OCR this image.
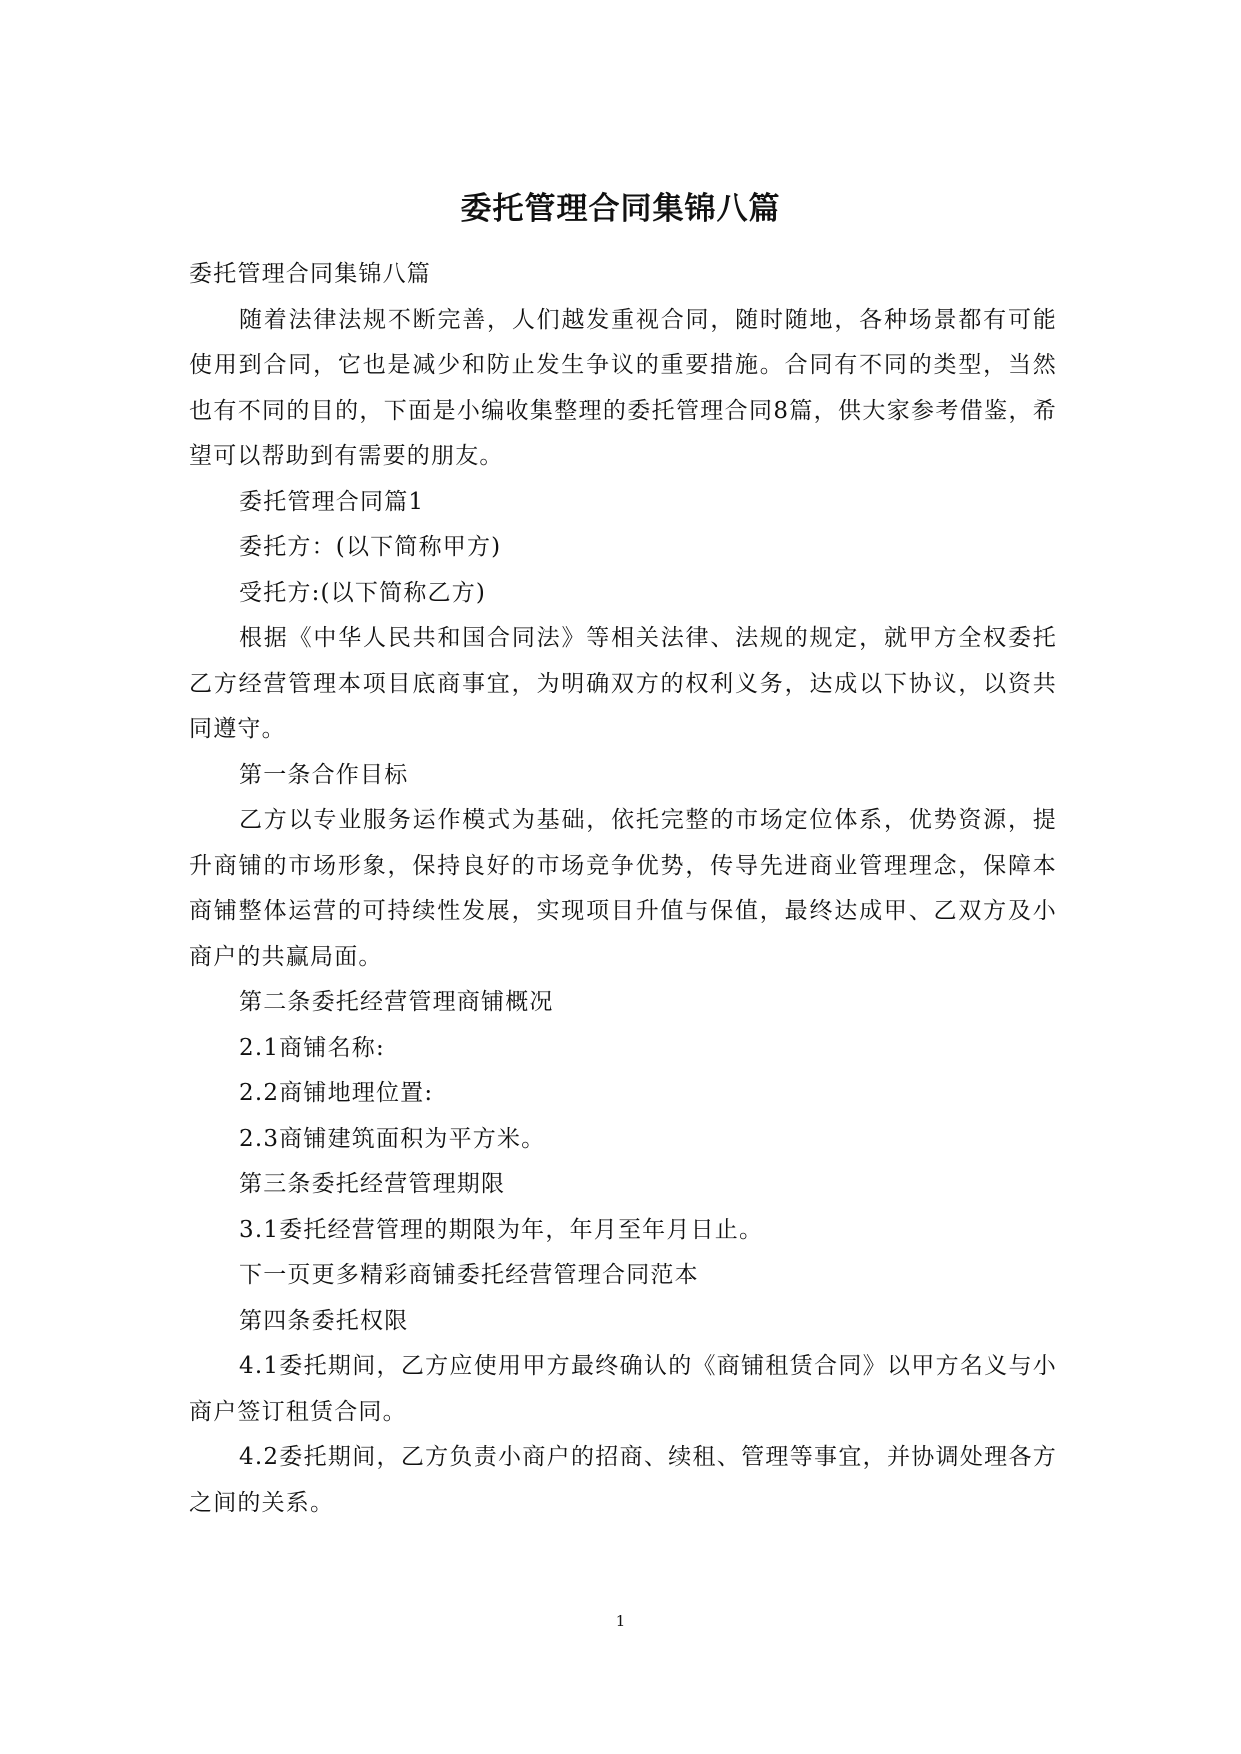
委托管理合同集锦八篇

委托管理合同集锦八篇

随着法律法规不断完善，人们越发重视合同，随时随地，各种场景都有可能使用到合同，它也是减少和防止发生争议的重要措施。合同有不同的类型，当然也有不同的目的，下面是小编收集整理的委托管理合同8篇，供大家参考借鉴，希望可以帮助到有需要的朋友。

委托管理合同篇1

委托方：(以下简称甲方)

受托方:(以下简称乙方)

根据《中华人民共和国合同法》等相关法律、法规的规定，就甲方全权委托乙方经营管理本项目底商事宜，为明确双方的权利义务，达成以下协议，以资共同遵守。

第一条合作目标

乙方以专业服务运作模式为基础，依托完整的市场定位体系，优势资源，提升商铺的市场形象，保持良好的市场竞争优势，传导先进商业管理理念，保障本商铺整体运营的可持续性发展，实现项目升值与保值，最终达成甲、乙双方及小商户的共赢局面。

第二条委托经营管理商铺概况

2.1商铺名称:

2.2商铺地理位置:

2.3商铺建筑面积为平方米。

第三条委托经营管理期限

3.1委托经营管理的期限为年，年月至年月日止。

下一页更多精彩商铺委托经营管理合同范本

第四条委托权限

4.1委托期间，乙方应使用甲方最终确认的《商铺租赁合同》以甲方名义与小商户签订租赁合同。

4.2委托期间，乙方负责小商户的招商、续租、管理等事宜，并协调处理各方之间的关系。

1
